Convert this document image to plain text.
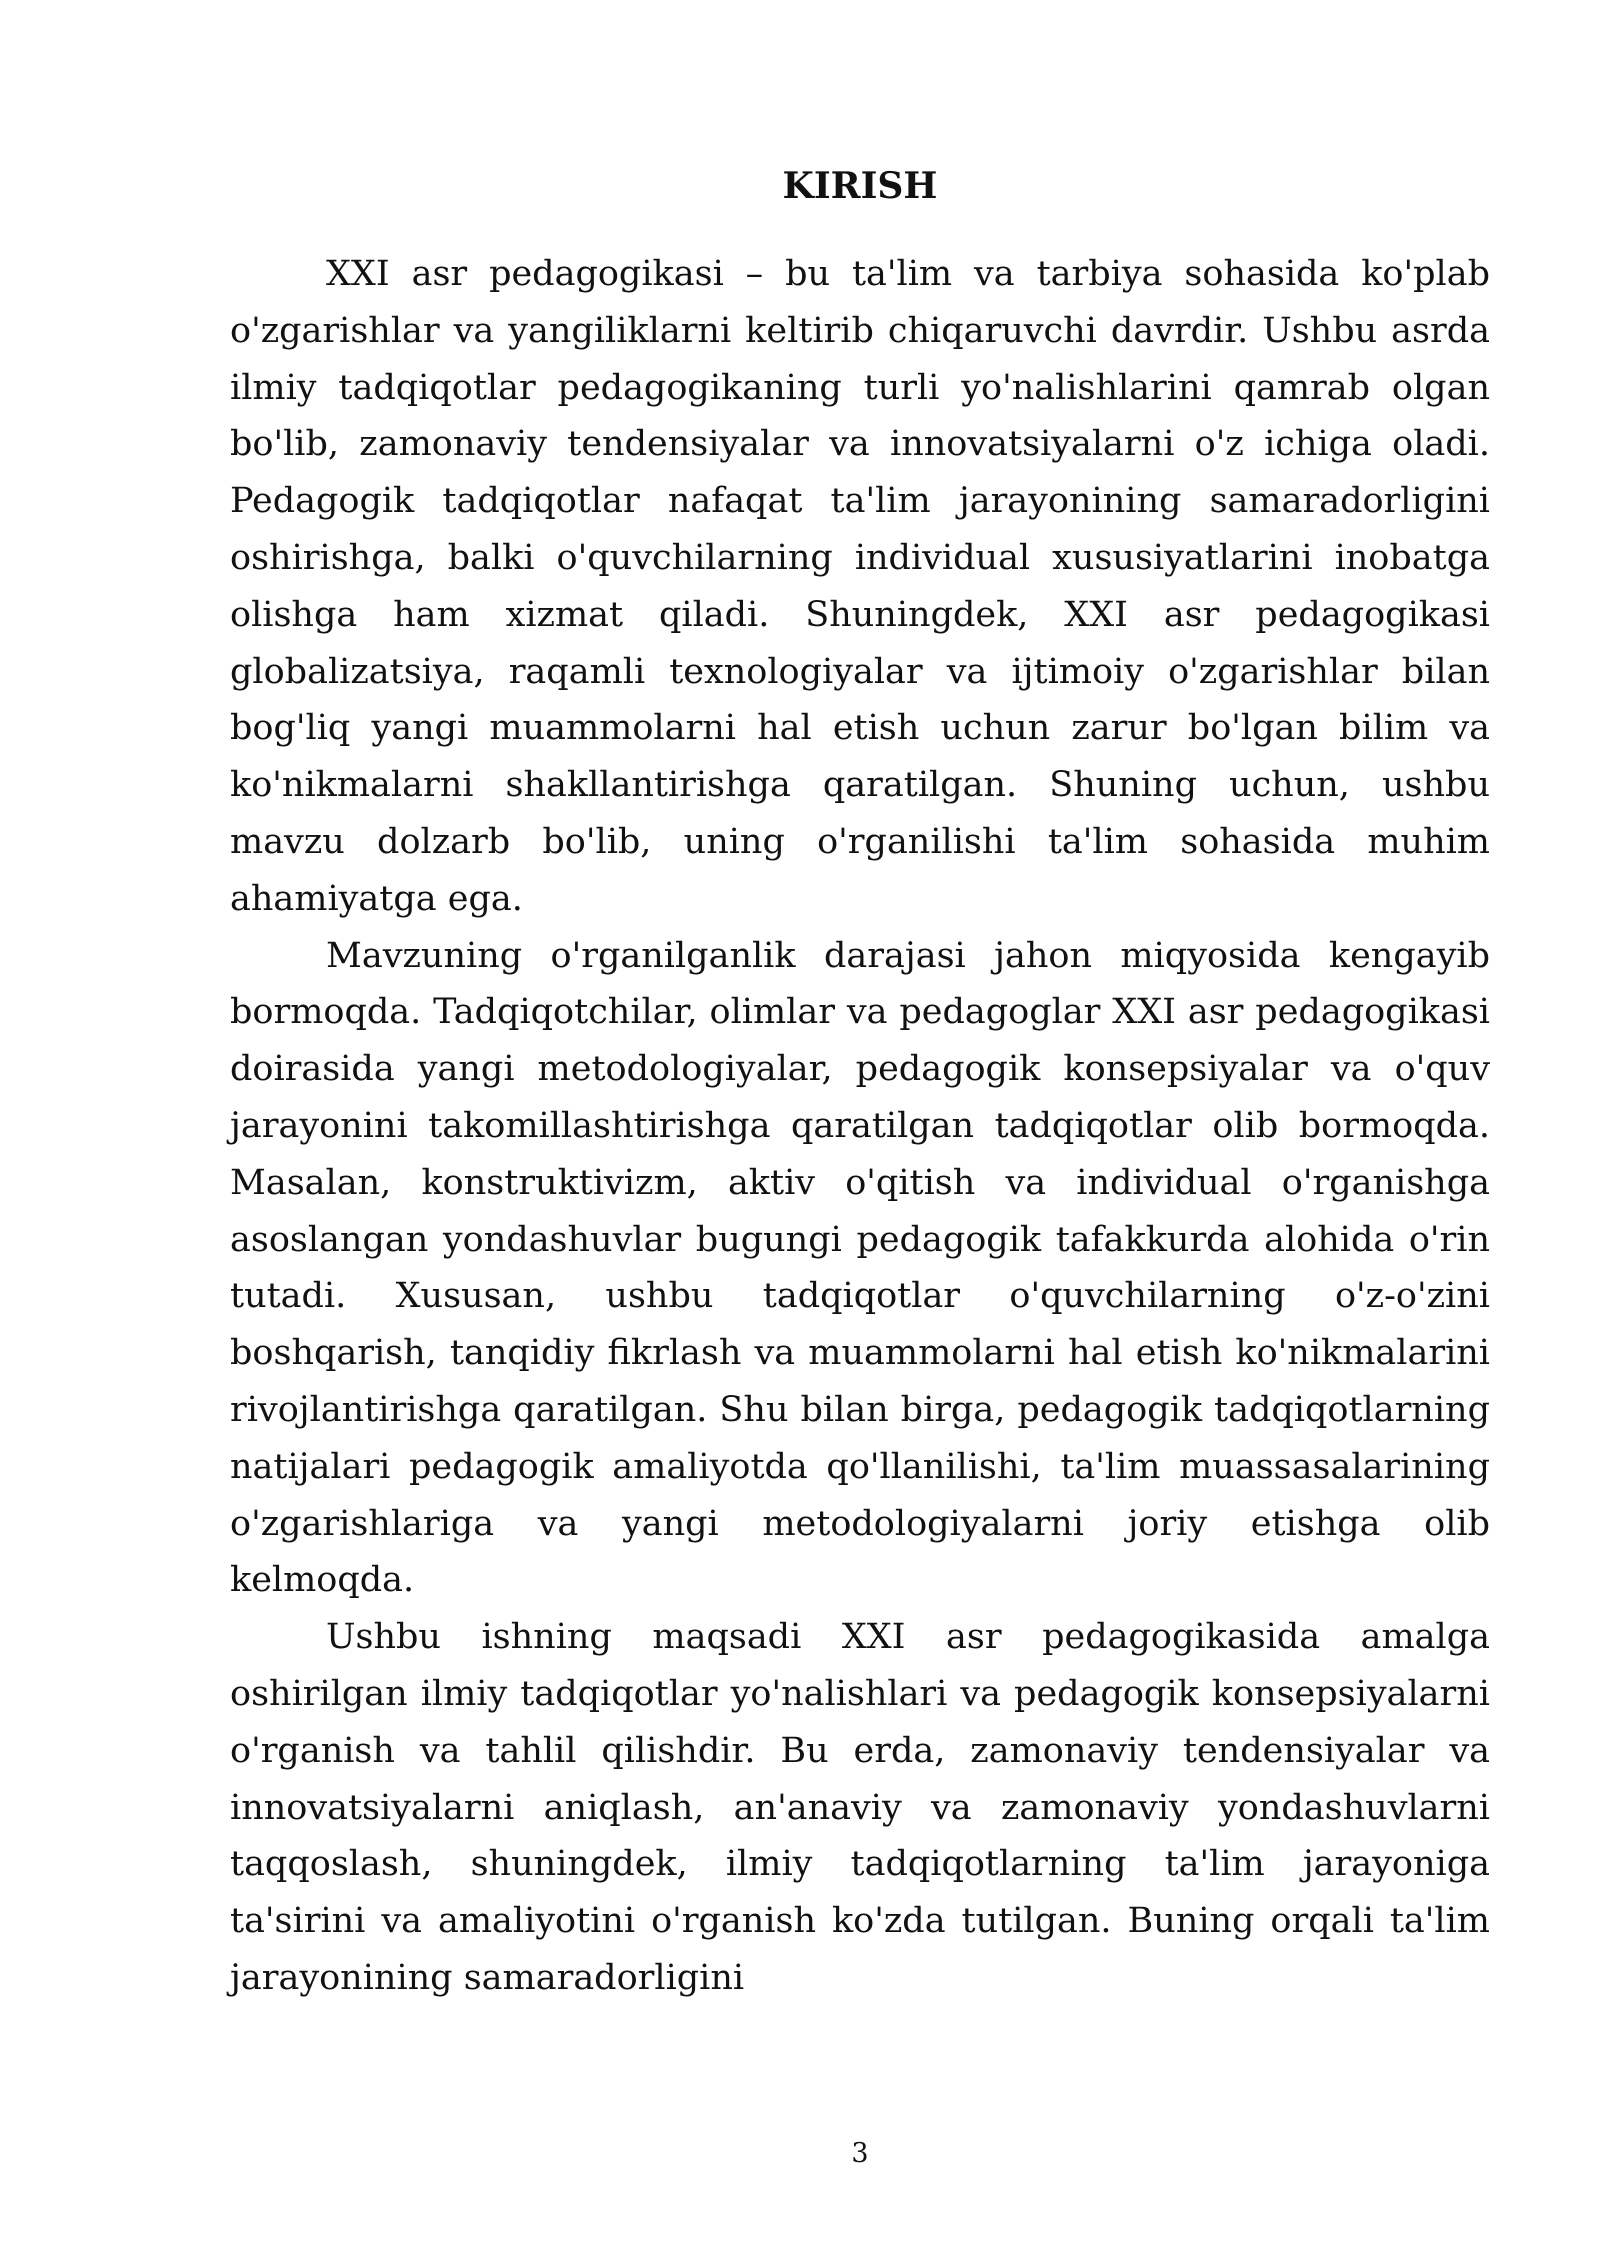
KIRISH

XXI asr pedagogikasi – bu ta'lim va tarbiya sohasida ko'plab o'zgarishlar va yangiliklarni keltirib chiqaruvchi davrdir. Ushbu asrda ilmiy tadqiqotlar pedagogikaning turli yo'nalishlarini qamrab olgan bo'lib, zamonaviy tendensiyalar va innovatsiyalarni o'z ichiga oladi. Pedagogik tadqiqotlar nafaqat ta'lim jarayonining samaradorligini oshirishga, balki o'quvchilarning individual xususiyatlarini inobatga olishga ham xizmat qiladi. Shuningdek, XXI asr pedagogikasi globalizatsiya, raqamli texnologiyalar va ijtimoiy o'zgarishlar bilan bog'liq yangi muammolarni hal etish uchun zarur bo'lgan bilim va ko'nikmalarni shakllantirishga qaratilgan. Shuning uchun, ushbu mavzu dolzarb bo'lib, uning o'rganilishi ta'lim sohasida muhim ahamiyatga ega.

Mavzuning o'rganilganlik darajasi jahon miqyosida kengayib bormoqda. Tadqiqotchilar, olimlar va pedagoglar XXI asr pedagogikasi doirasida yangi metodologiyalar, pedagogik konsepsiyalar va o'quv jarayonini takomillashtirishga qaratilgan tadqiqotlar olib bormoqda. Masalan, konstruktivizm, aktiv o'qitish va individual o'rganishga asoslangan yondashuvlar bugungi pedagogik tafakkurda alohida o'rin tutadi. Xususan, ushbu tadqiqotlar o'quvchilarning o'z-o'zini boshqarish, tanqidiy fikrlash va muammolarni hal etish ko'nikmalarini rivojlantirishga qaratilgan. Shu bilan birga, pedagogik tadqiqotlarning natijalari pedagogik amaliyotda qo'llanilishi, ta'lim muassasalarining o'zgarishlariga va yangi metodologiyalarni joriy etishga olib kelmoqda.

Ushbu ishning maqsadi XXI asr pedagogikasida amalga oshirilgan ilmiy tadqiqotlar yo'nalishlari va pedagogik konsepsiyalarni o'rganish va tahlil qilishdir. Bu erda, zamonaviy tendensiyalar va innovatsiyalarni aniqlash, an'anaviy va zamonaviy yondashuvlarni taqqoslash, shuningdek, ilmiy tadqiqotlarning ta'lim jarayoniga ta'sirini va amaliyotini o'rganish ko'zda tutilgan. Buning orqali ta'lim jarayonining samaradorligini

3
